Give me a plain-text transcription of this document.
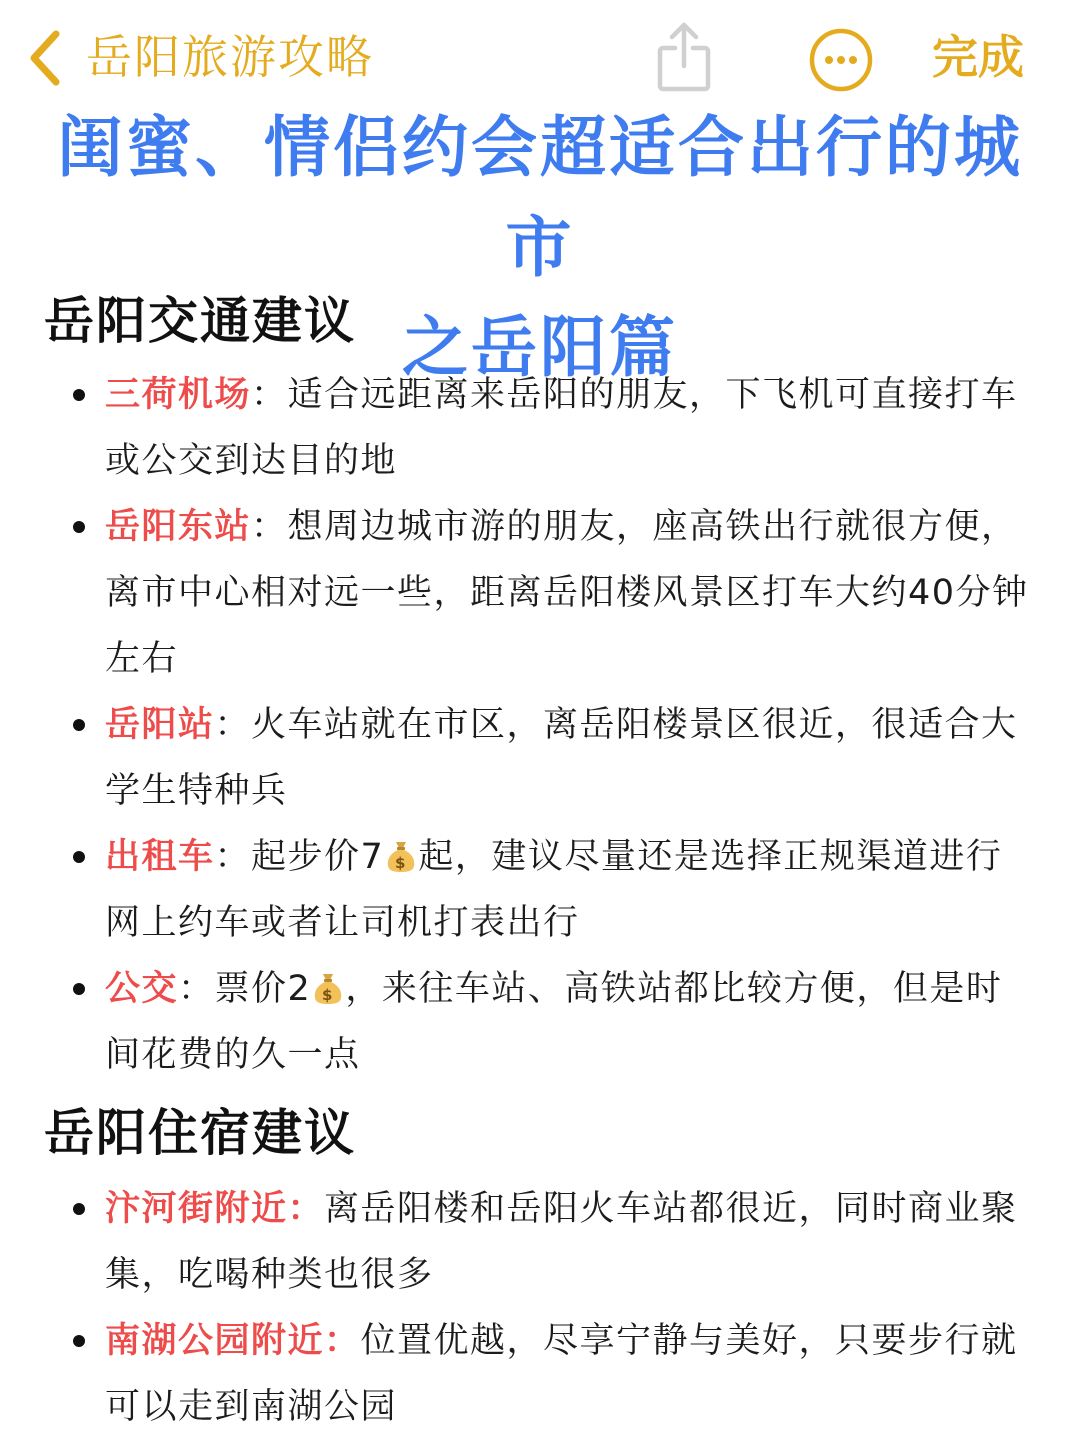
岳阳旅游攻略	完成
闺蜜、情侣约会超适合出行的城市
之岳阳篇
岳阳交通建议
三荷机场：适合远距离来岳阳的朋友，下飞机可直接打车或公交到达目的地
岳阳东站：想周边城市游的朋友，座高铁出行就很方便，离市中心相对远一些，距离岳阳楼风景区打车大约40分钟左右
岳阳站：火车站就在市区，离岳阳楼景区很近，很适合大学生特种兵
出租车：起步价7 $ 起，建议尽量还是选择正规渠道进行网上约车或者让司机打表出行
公交：票价2 $ ，来往车站、高铁站都比较方便，但是时间花费的久一点
岳阳住宿建议
汴河街附近：离岳阳楼和岳阳火车站都很近，同时商业聚集，吃喝种类也很多
南湖公园附近：位置优越，尽享宁静与美好，只要步行就可以走到南湖公园
